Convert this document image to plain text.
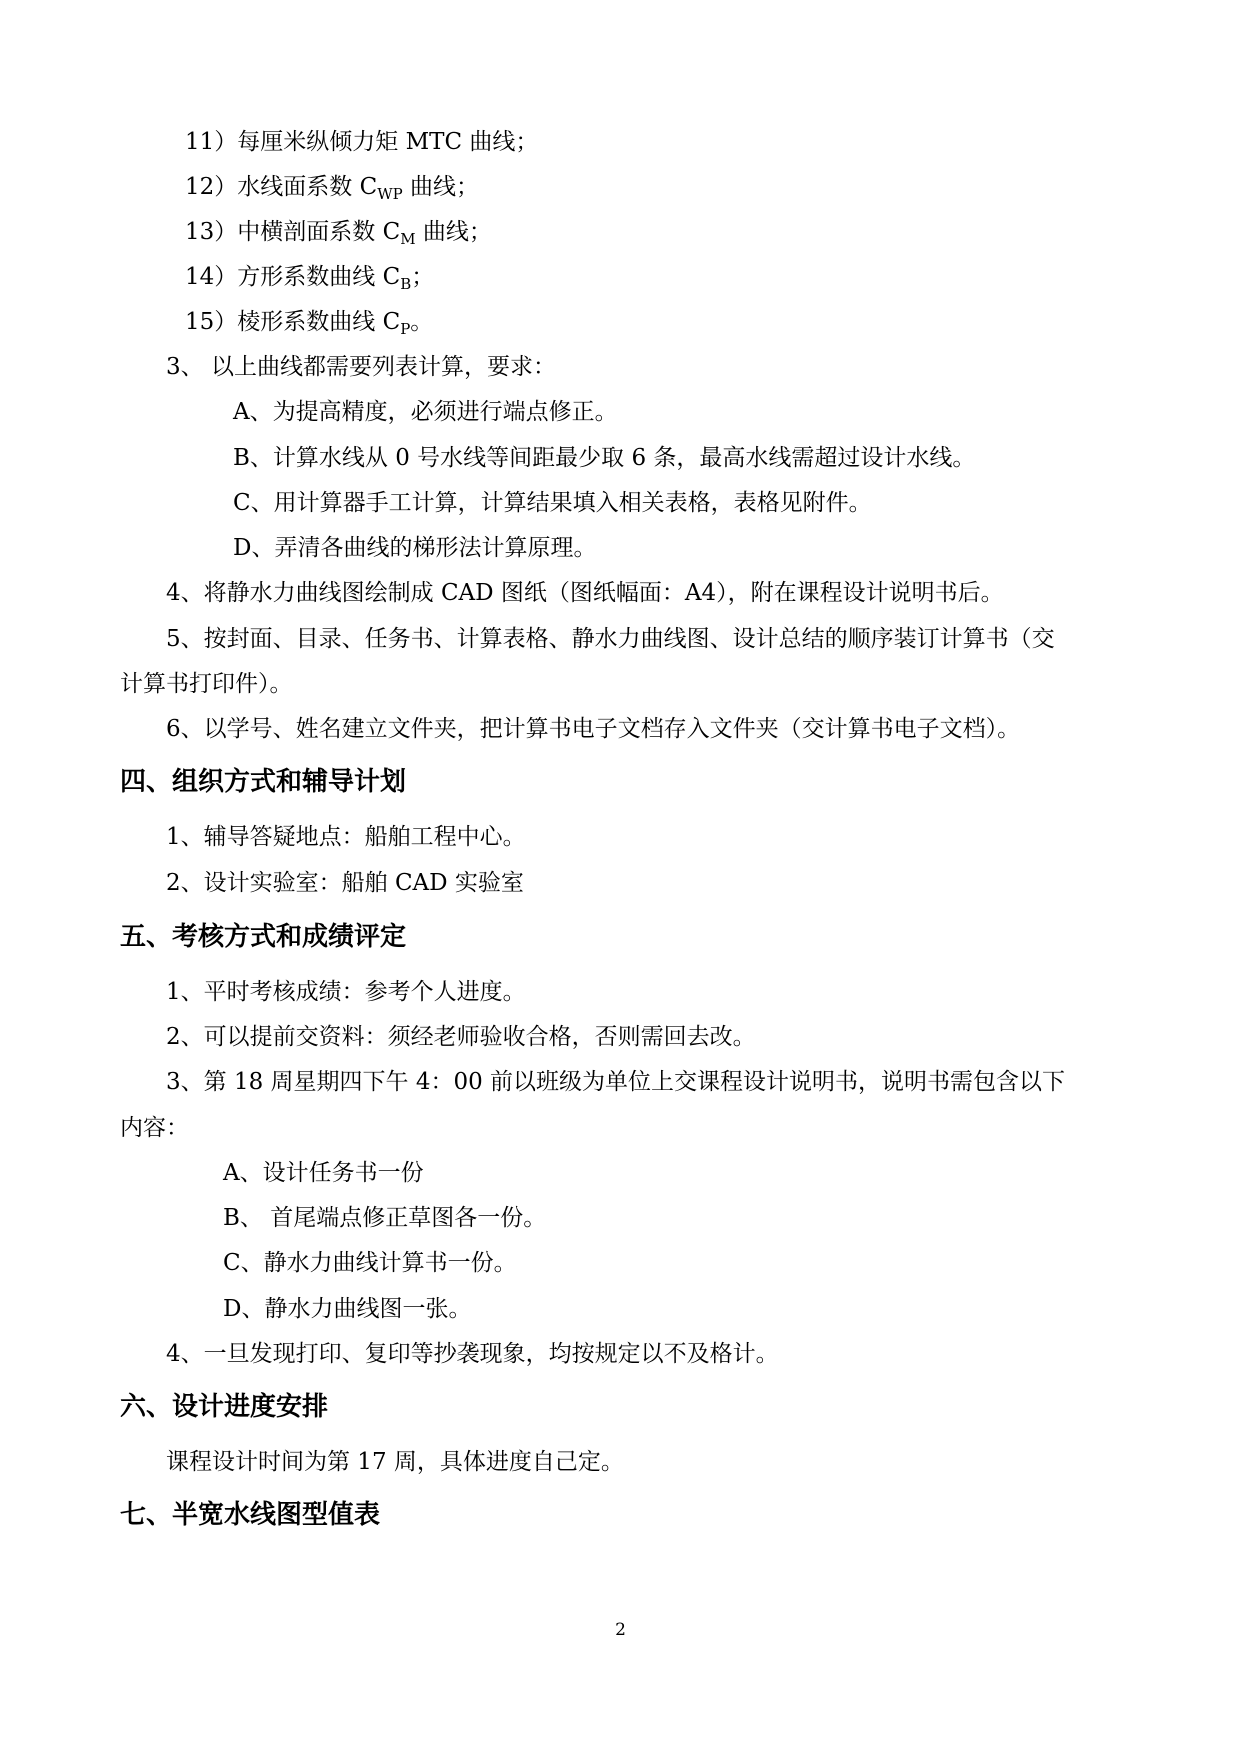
11）每厘米纵倾力矩 MTC 曲线；
12）水线面系数 $C_{WP}$ 曲线；
13）中横剖面系数 $C_M$ 曲线；
14）方形系数曲线 $C_B$；
15）棱形系数曲线 $C_P$。
3、 以上曲线都需要列表计算，要求：
A、为提高精度，必须进行端点修正。
B、计算水线从 0 号水线等间距最少取 6 条，最高水线需超过设计水线。
C、用计算器手工计算，计算结果填入相关表格，表格见附件。
D、弄清各曲线的梯形法计算原理。
4、将静水力曲线图绘制成 CAD 图纸（图纸幅面：A4），附在课程设计说明书后。
5、按封面、目录、任务书、计算表格、静水力曲线图、设计总结的顺序装订计算书（交
计算书打印件）。
6、以学号、姓名建立文件夹，把计算书电子文档存入文件夹（交计算书电子文档）。
四、组织方式和辅导计划
1、辅导答疑地点：船舶工程中心。
2、设计实验室：船舶 CAD 实验室
五、考核方式和成绩评定
1、平时考核成绩：参考个人进度。
2、可以提前交资料：须经老师验收合格，否则需回去改。
3、第 18 周星期四下午 4：00 前以班级为单位上交课程设计说明书，说明书需包含以下
内容：
A、设计任务书一份
B、 首尾端点修正草图各一份。
C、静水力曲线计算书一份。
D、静水力曲线图一张。
4、一旦发现打印、复印等抄袭现象，均按规定以不及格计。
六、设计进度安排
课程设计时间为第 17 周，具体进度自己定。
七、半宽水线图型值表
2
